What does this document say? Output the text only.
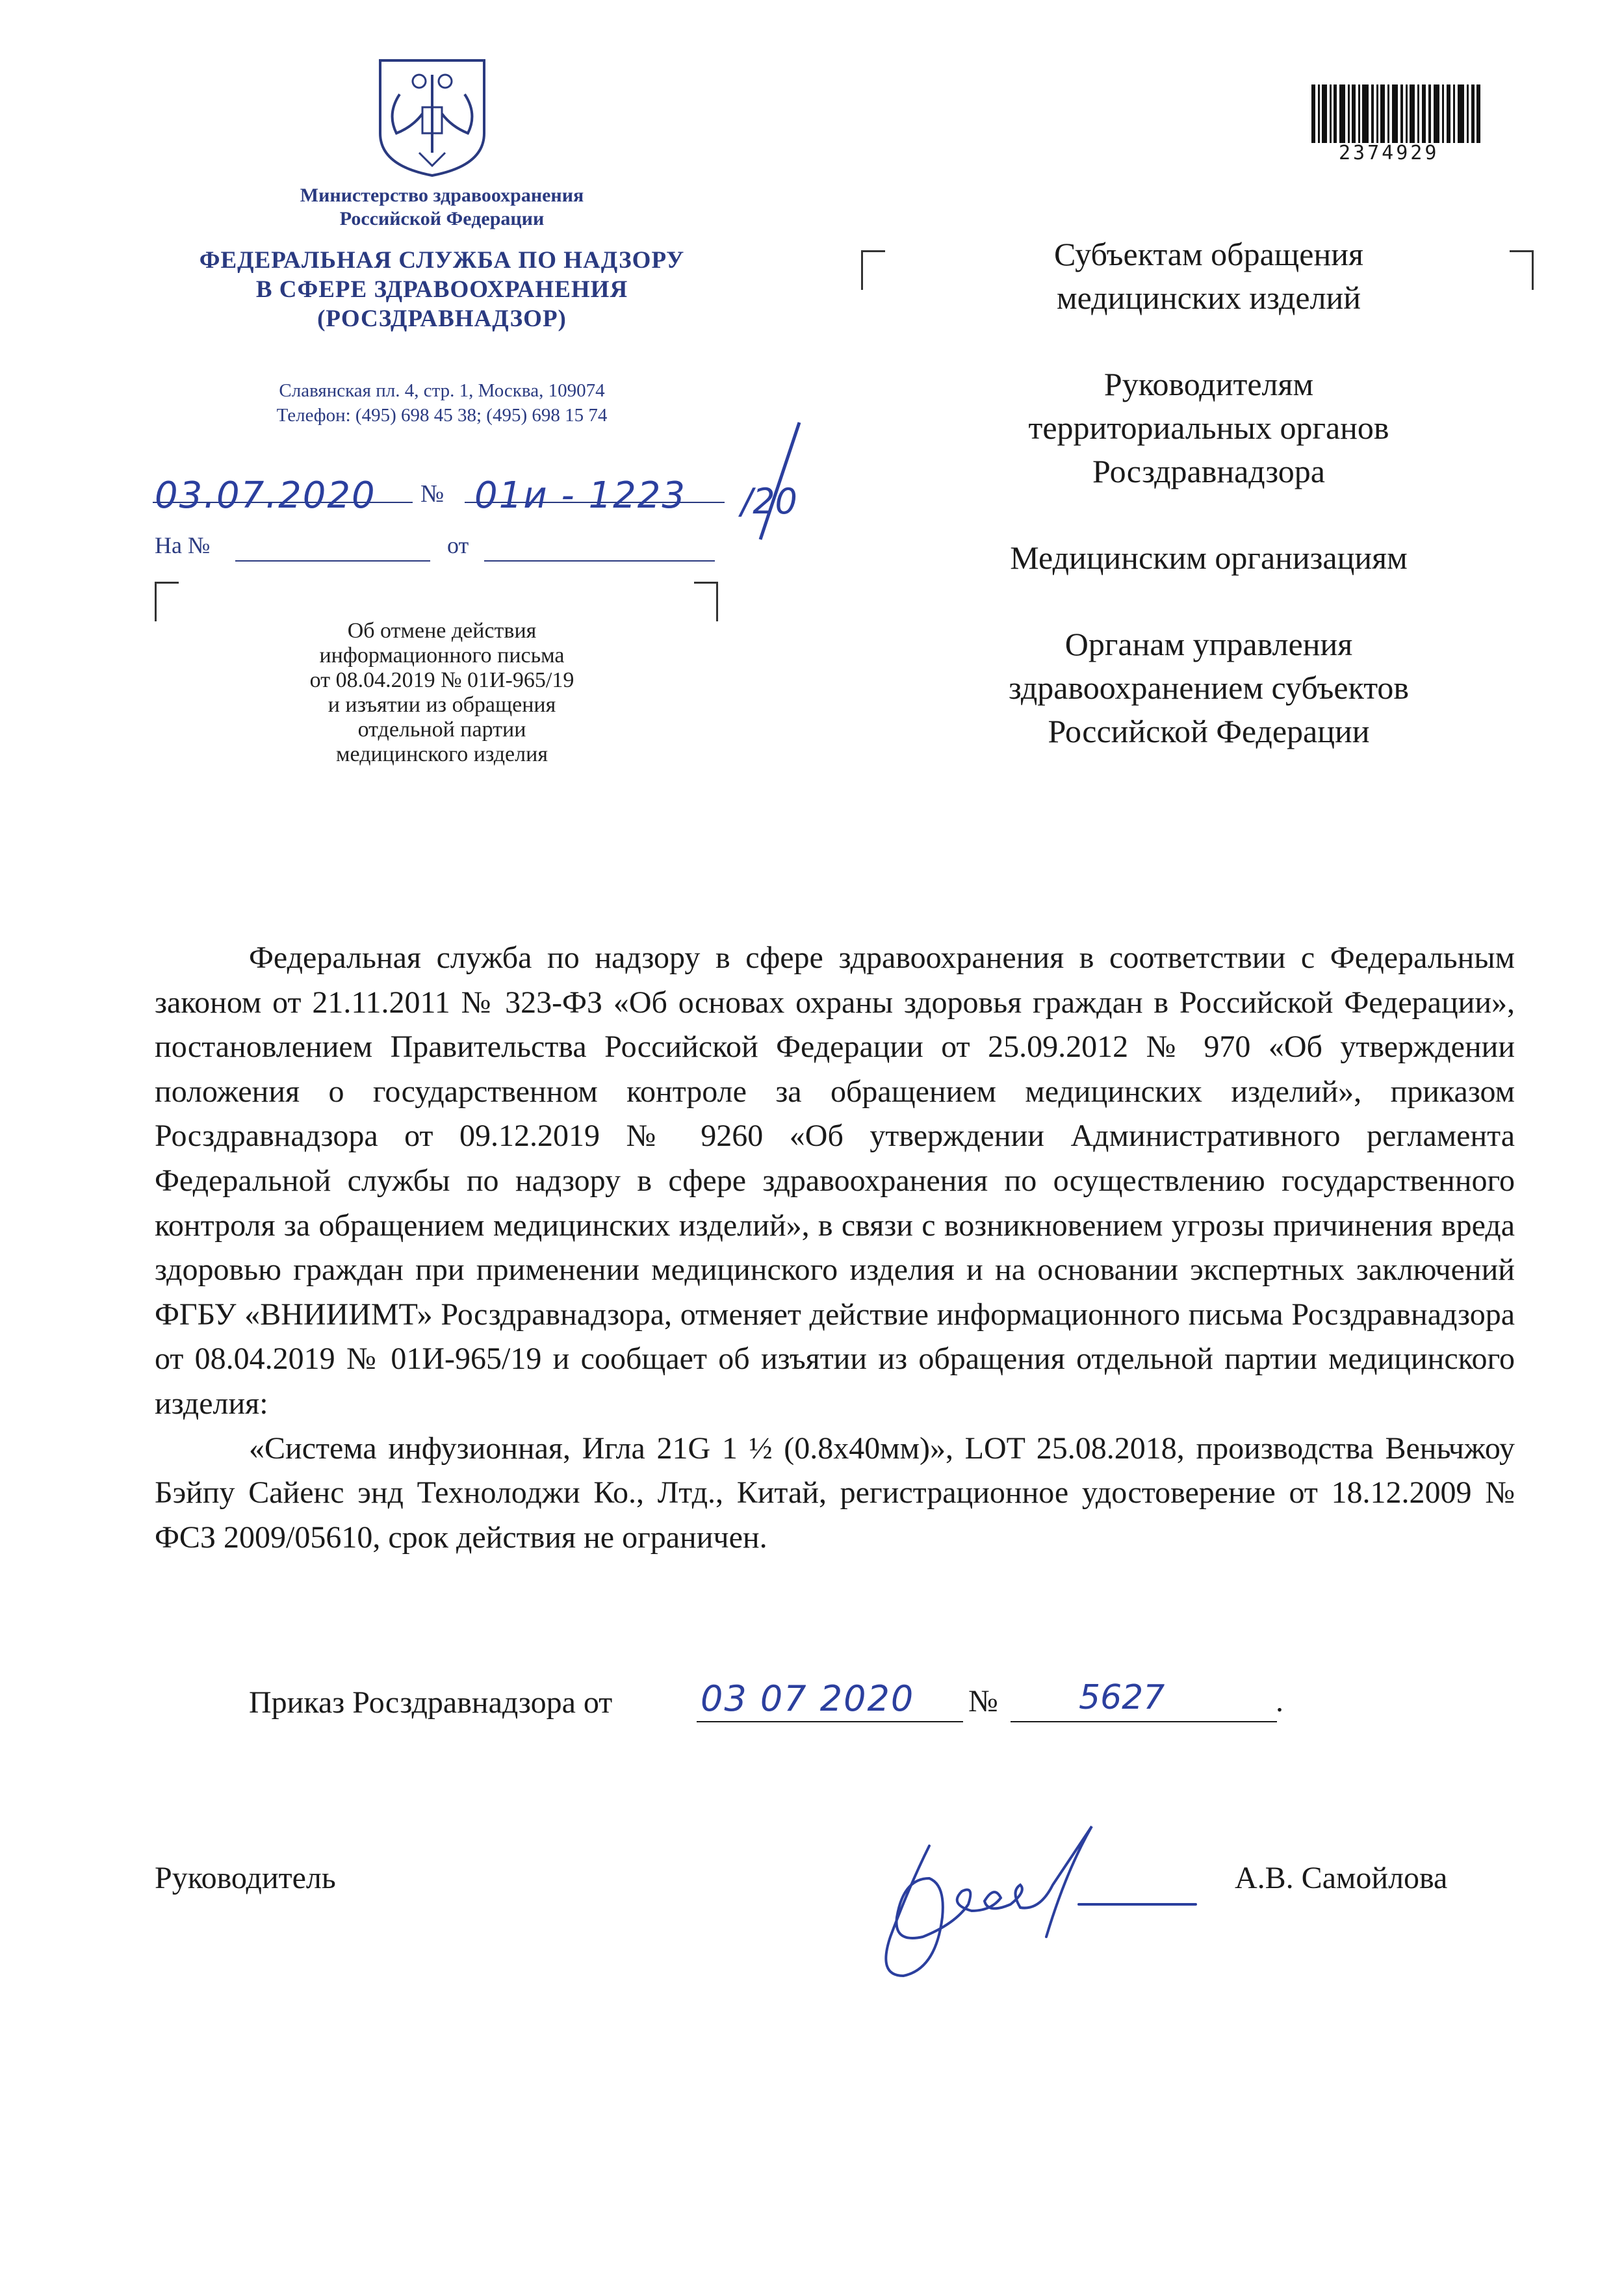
Министерство здравоохранения
Российской Федерации
ФЕДЕРАЛЬНАЯ СЛУЖБА ПО НАДЗОРУ
В СФЕРЕ ЗДРАВООХРАНЕНИЯ
(РОСЗДРАВНАДЗОР)
Славянская пл. 4, стр. 1, Москва, 109074
Телефон: (495) 698 45 38; (495) 698 15 74
03.07.2020 № 01и - 1223 /20
На №	от
Об отмене действия
информационного письма
от 08.04.2019 № 01И-965/19
и изъятии из обращения
отдельной партии
медицинского изделия
2374929

Субъектам обращения
медицинских изделий

Руководителям
территориальных органов
Росздравнадзора

Медицинским организациям

Органам управления
здравоохранением субъектов
Российской Федерации

Федеральная служба по надзору в сфере здравоохранения в соответствии с Федеральным законом от 21.11.2011 № 323-ФЗ «Об основах охраны здоровья граждан в Российской Федерации», постановлением Правительства Российской Федерации от 25.09.2012 № 970 «Об утверждении положения о государственном контроле за обращением медицинских изделий», приказом Росздравнадзора от 09.12.2019 № 9260 «Об утверждении Административного регламента Федеральной службы по надзору в сфере здравоохранения по осуществлению государственного контроля за обращением медицинских изделий», в связи с возникновением угрозы причинения вреда здоровью граждан при применении медицинского изделия и на основании экспертных заключений ФГБУ «ВНИИИМТ» Росздравнадзора, отменяет действие информационного письма Росздравнадзора от 08.04.2019 № 01И-965/19 и сообщает об изъятии из обращения отдельной партии медицинского изделия:

«Система инфузионная, Игла 21G 1 ½ (0.8x40мм)», LOT 25.08.2018, производства Веньчжоу Бэйпу Сайенс энд Технолоджи Ко., Лтд., Китай, регистрационное удостоверение от 18.12.2009 № ФСЗ 2009/05610, срок действия не ограничен.

Приказ Росздравнадзора от	03 07 2020 № 5627	.
Руководитель	А.В. Самойлова
